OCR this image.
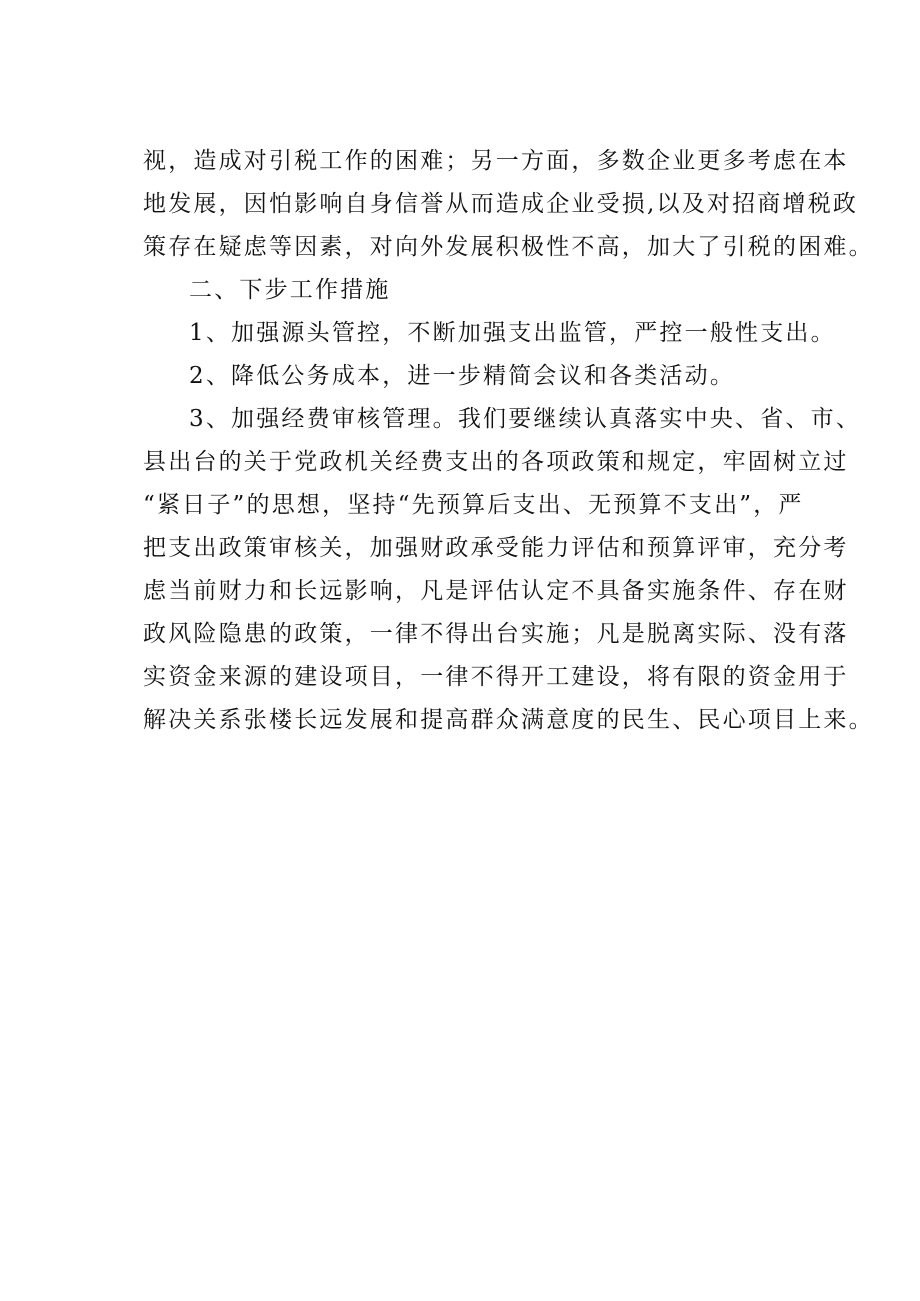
视，造成对引税工作的困难；另一方面，多数企业更多考虑在本
地发展，因怕影响自身信誉从而造成企业受损,以及对招商增税政
策存在疑虑等因素，对向外发展积极性不高，加大了引税的困难。
二、下步工作措施
1、加强源头管控，不断加强支出监管，严控一般性支出。
2、降低公务成本，进一步精简会议和各类活动。
3、加强经费审核管理。我们要继续认真落实中央、省、市、
县出台的关于党政机关经费支出的各项政策和规定，牢固树立过
“紧日子”的思想，坚持“先预算后支出、无预算不支出”，严
把支出政策审核关，加强财政承受能力评估和预算评审，充分考
虑当前财力和长远影响，凡是评估认定不具备实施条件、存在财
政风险隐患的政策，一律不得出台实施；凡是脱离实际、没有落
实资金来源的建设项目，一律不得开工建设，将有限的资金用于
解决关系张楼长远发展和提高群众满意度的民生、民心项目上来。
